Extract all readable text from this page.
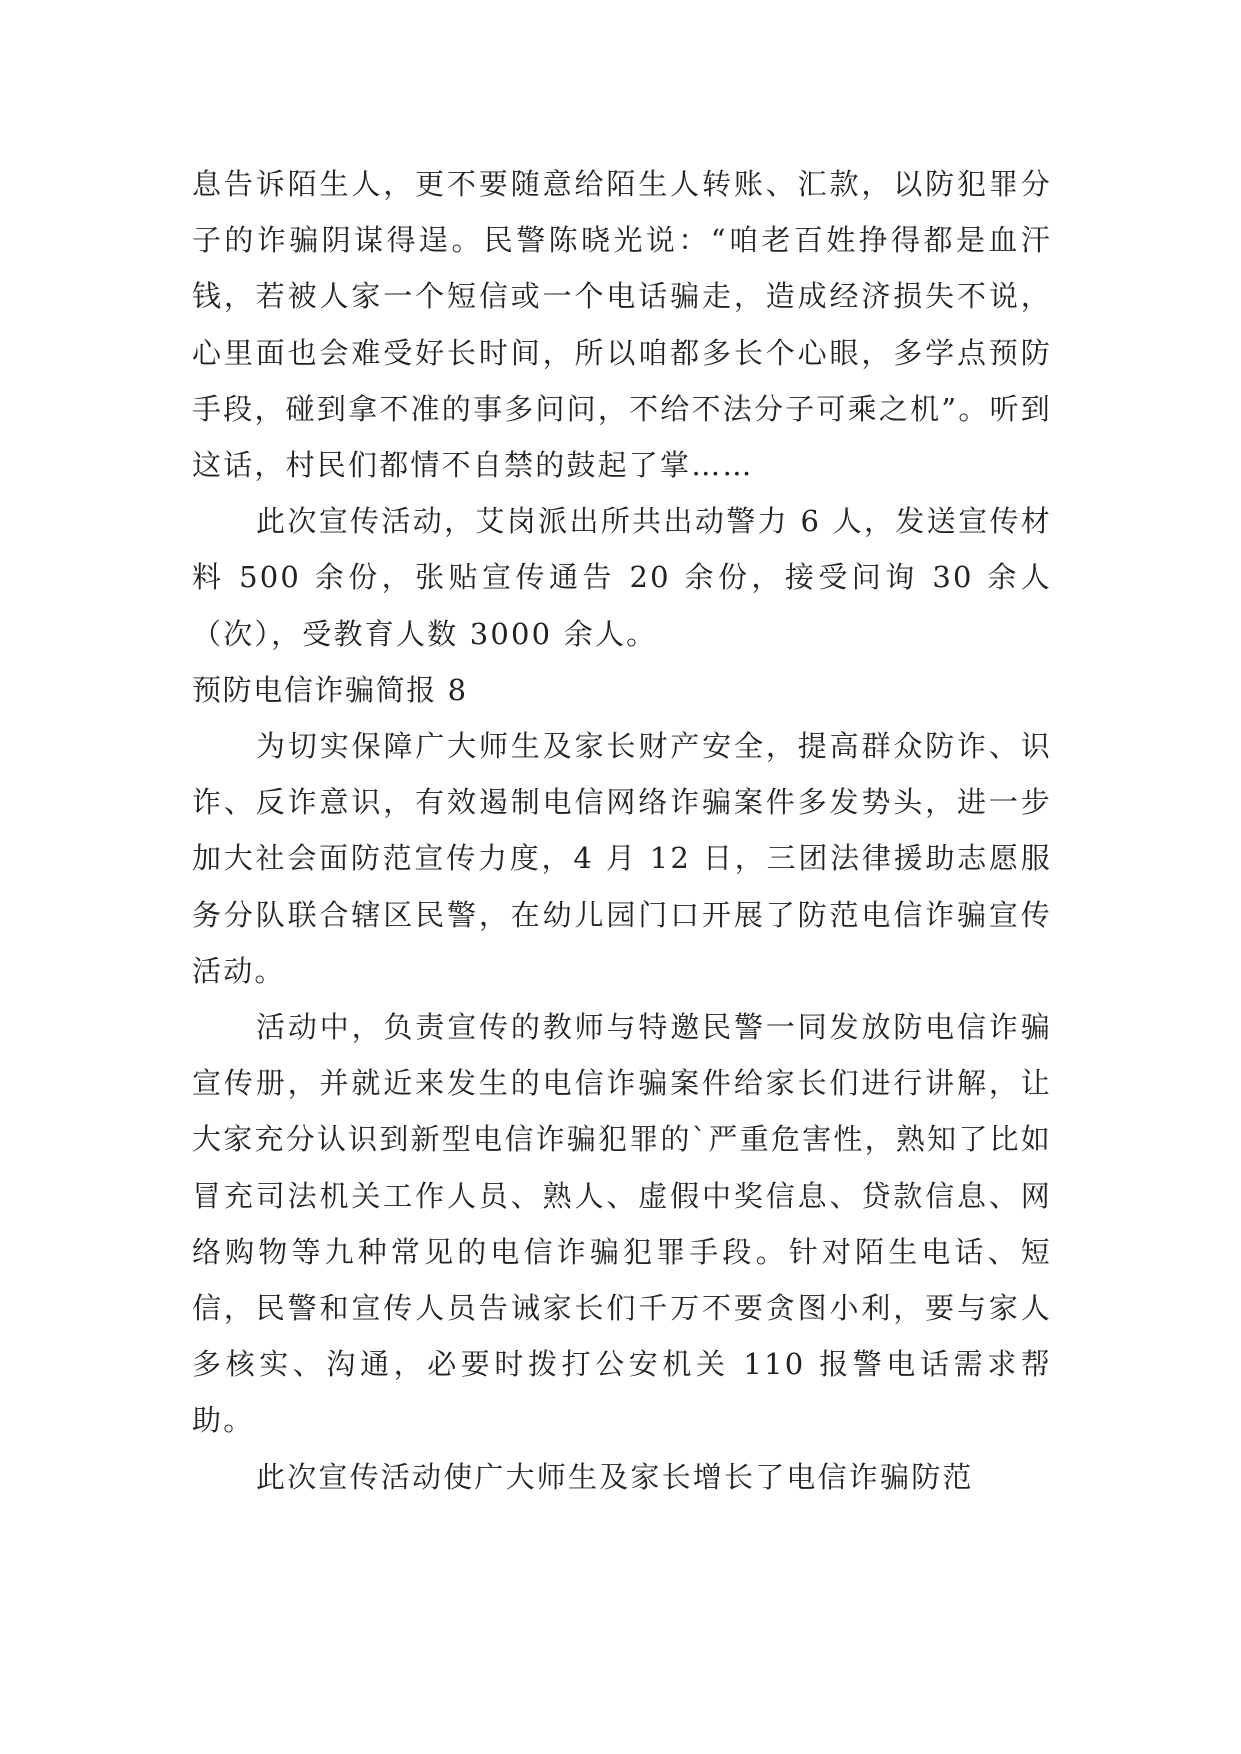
息告诉陌生人，更不要随意给陌生人转账、汇款，以防犯罪分子的诈骗阴谋得逞。民警陈晓光说：“咱老百姓挣得都是血汗钱，若被人家一个短信或一个电话骗走，造成经济损失不说，心里面也会难受好长时间，所以咱都多长个心眼，多学点预防手段，碰到拿不准的事多问问，不给不法分子可乘之机”。听到这话，村民们都情不自禁的鼓起了掌……

此次宣传活动，艾岗派出所共出动警力 6 人，发送宣传材料 500 余份，张贴宣传通告 20 余份，接受问询 30 余人（次），受教育人数 3000 余人。

预防电信诈骗简报 8

为切实保障广大师生及家长财产安全，提高群众防诈、识诈、反诈意识，有效遏制电信网络诈骗案件多发势头，进一步加大社会面防范宣传力度，4 月 12 日，三团法律援助志愿服务分队联合辖区民警，在幼儿园门口开展了防范电信诈骗宣传活动。

活动中，负责宣传的教师与特邀民警一同发放防电信诈骗宣传册，并就近来发生的电信诈骗案件给家长们进行讲解，让大家充分认识到新型电信诈骗犯罪的`严重危害性，熟知了比如冒充司法机关工作人员、熟人、虚假中奖信息、贷款信息、网络购物等九种常见的电信诈骗犯罪手段。针对陌生电话、短信，民警和宣传人员告诫家长们千万不要贪图小利，要与家人多核实、沟通，必要时拨打公安机关 110 报警电话需求帮助。

此次宣传活动使广大师生及家长增长了电信诈骗防范
